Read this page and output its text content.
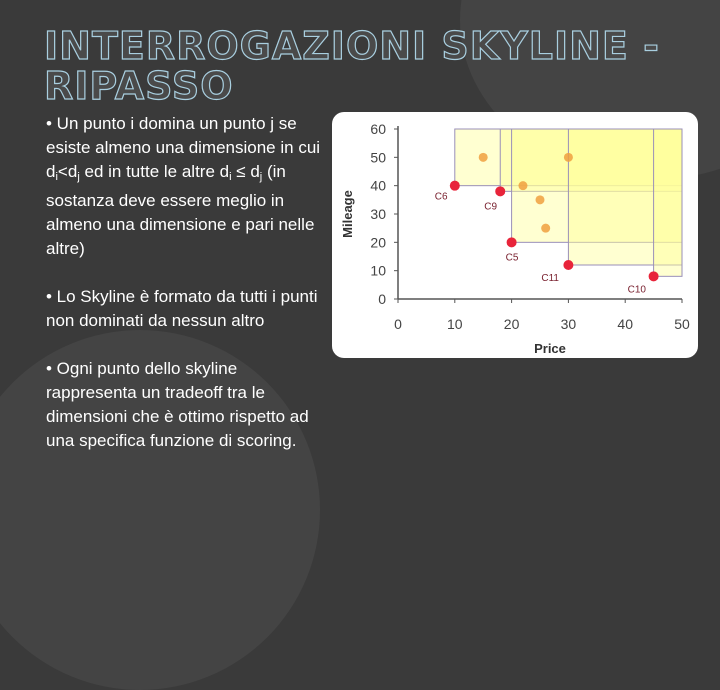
INTERROGAZIONI SKYLINE - RIPASSO

• Un punto i domina un punto j se esiste almeno una dimensione in cui $d_i<d_j$ ed in tutte le altre $d_i \le d_j$ (in sostanza deve essere meglio in almeno una dimensione e pari nelle altre)

• Lo Skyline è formato da tutti i punti non dominati da nessun altro

• Ogni punto dello skyline rappresenta un tradeoff tra le dimensioni che è ottimo rispetto ad una specifica funzione di scoring.

0
10
20
30
40
50
60
0	10	20	30	40	50
Price
Mileage	C6
C9
C5
C11
C10
